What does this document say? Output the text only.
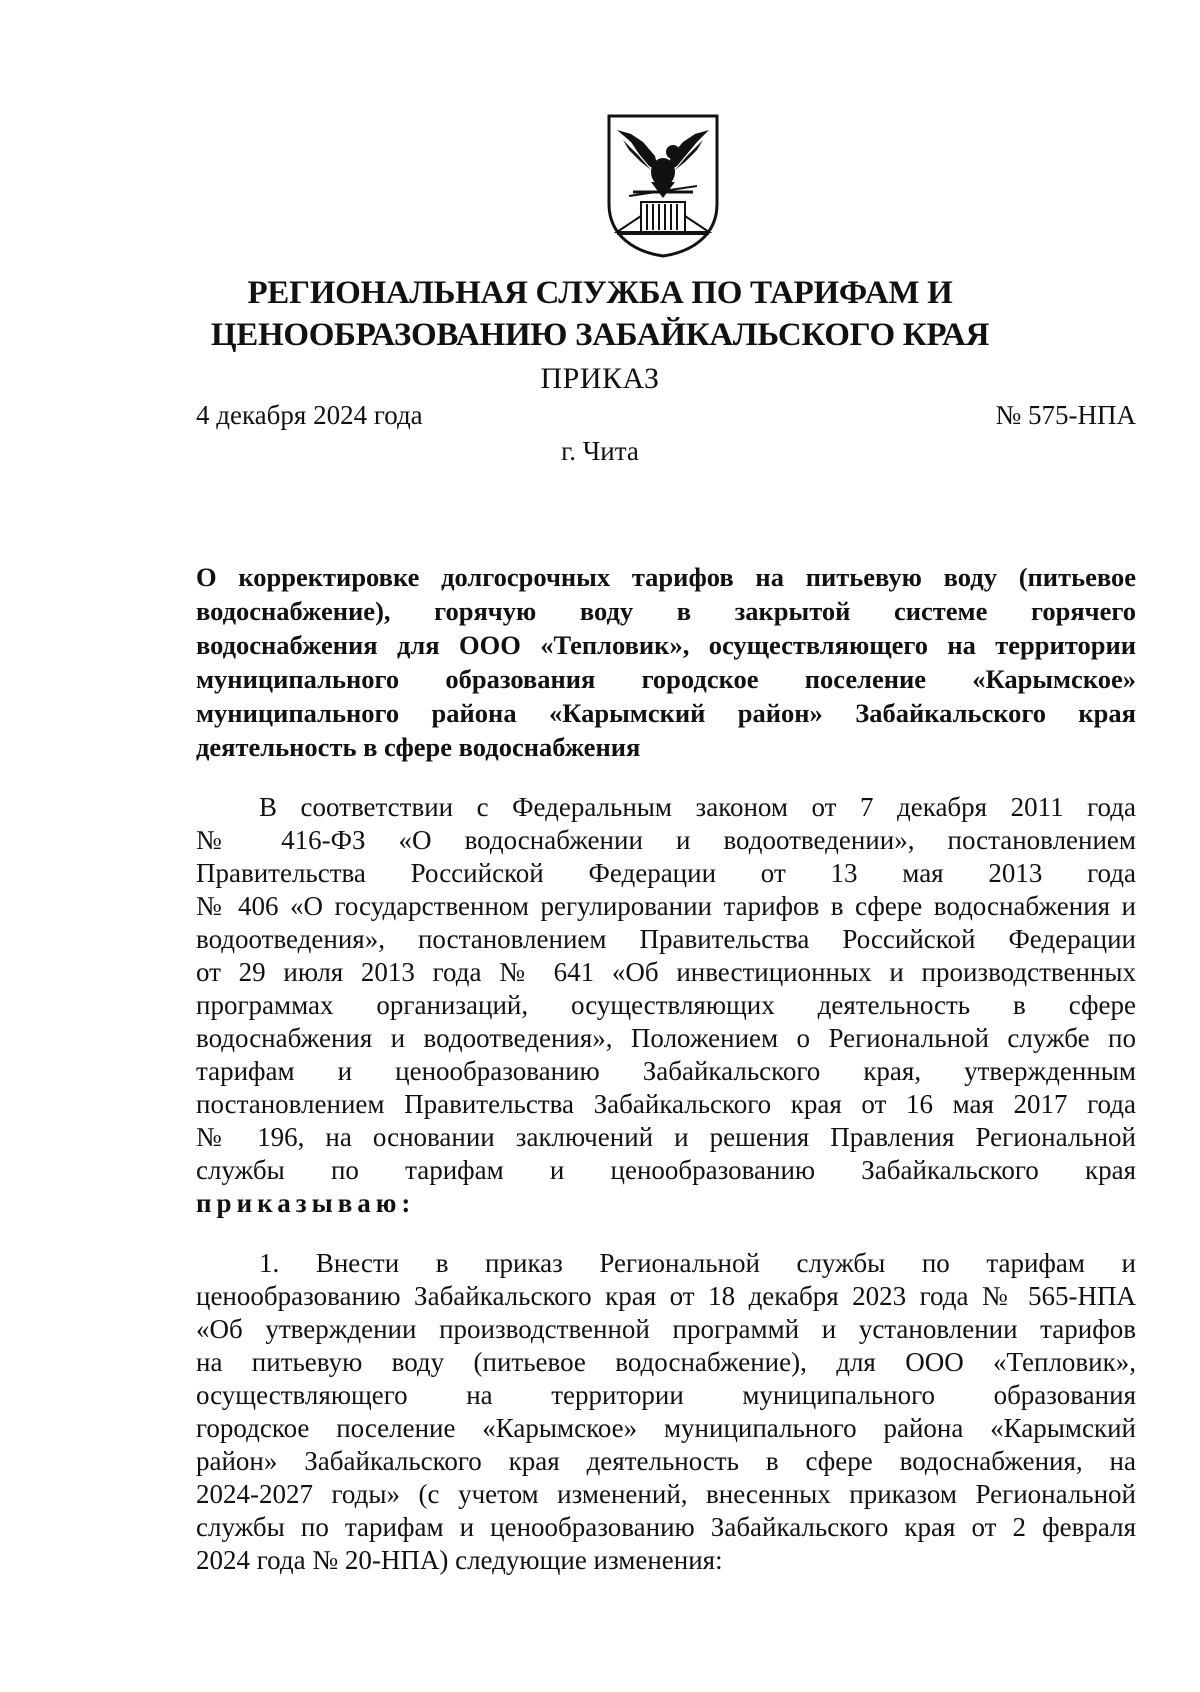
РЕГИОНАЛЬНАЯ СЛУЖБА ПО ТАРИФАМ И
ЦЕНООБРАЗОВАНИЮ ЗАБАЙКАЛЬСКОГО КРАЯ
ПРИКАЗ
4 декабря 2024 года	№ 575-НПА
г. Чита
О корректировке долгосрочных тарифов на питьевую воду (питьевое
водоснабжение), горячую воду в закрытой системе горячего
водоснабжения для ООО «Тепловик», осуществляющего на территории
муниципального образования городское поселение «Карымское»
муниципального района «Карымский район» Забайкальского края
деятельность в сфере водоснабжения
В соответствии с Федеральным законом от 7 декабря 2011 года
№ 416-ФЗ «О водоснабжении и водоотведении», постановлением
Правительства Российской Федерации от 13 мая 2013 года
№ 406 «О государственном регулировании тарифов в сфере водоснабжения и
водоотведения», постановлением Правительства Российской Федерации
от 29 июля 2013 года № 641 «Об инвестиционных и производственных
программах организаций, осуществляющих деятельность в сфере
водоснабжения и водоотведения», Положением о Региональной службе по
тарифам и ценообразованию Забайкальского края, утвержденным
постановлением Правительства Забайкальского края от 16 мая 2017 года
№ 196, на основании заключений и решения Правления Региональной
службы по тарифам и ценообразованию Забайкальского края
приказываю:
1. Внести в приказ Региональной службы по тарифам и
ценообразованию Забайкальского края от 18 декабря 2023 года № 565-НПА
«Об утверждении производственной программй и установлении тарифов
на питьевую воду (питьевое водоснабжение), для ООО «Тепловик»,
осуществляющего на территории муниципального образования
городское поселение «Карымское» муниципального района «Карымский
район» Забайкальского края деятельность в сфере водоснабжения, на
2024-2027 годы» (с учетом изменений, внесенных приказом Региональной
службы по тарифам и ценообразованию Забайкальского края от 2 февраля
2024 года № 20-НПА) следующие изменения:
